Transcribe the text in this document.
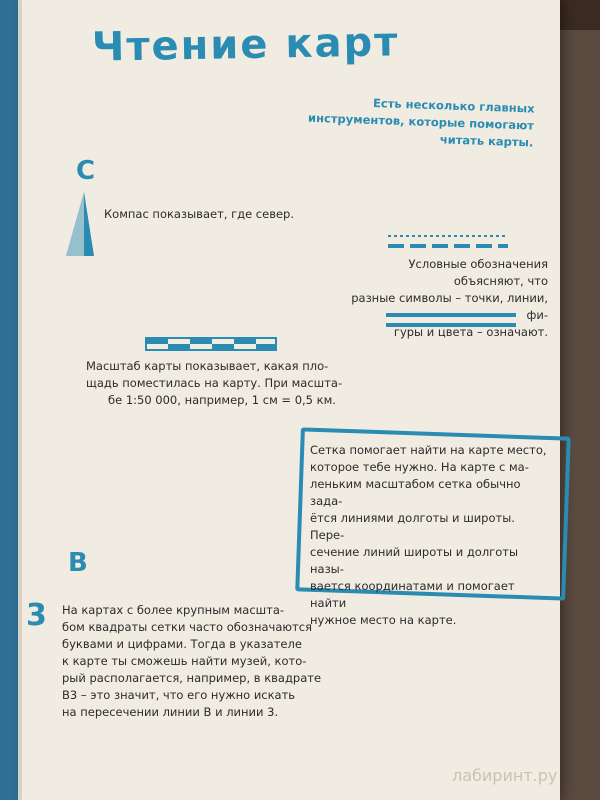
Чтение карт
Есть несколько главных инструментов, которые помогают читать карты.
С
Компас показывает, где север.
Условные обозначения объясняют, что
разные символы – точки, линии, фи-
гуры и цвета – означают.
Масштаб карты показывает, какая пло-
щадь поместилась на карту. При масшта-
бе 1:50 000, например, 1 см = 0,5 км.
Сетка помогает найти на карте место,
которое тебе нужно. На карте с ма-
леньким масштабом сетка обычно зада-
ётся линиями долготы и широты. Пере-
сечение линий широты и долготы назы-
вается координатами и помогает найти
нужное место на карте.
В
3 На картах с более крупным масшта-
бом квадраты сетки часто обозначаются
буквами и цифрами. Тогда в указателе
к карте ты сможешь найти музей, кото-
рый располагается, например, в квадрате
В3 – это значит, что его нужно искать
на пересечении линии В и линии 3.
лабиринт.ру
